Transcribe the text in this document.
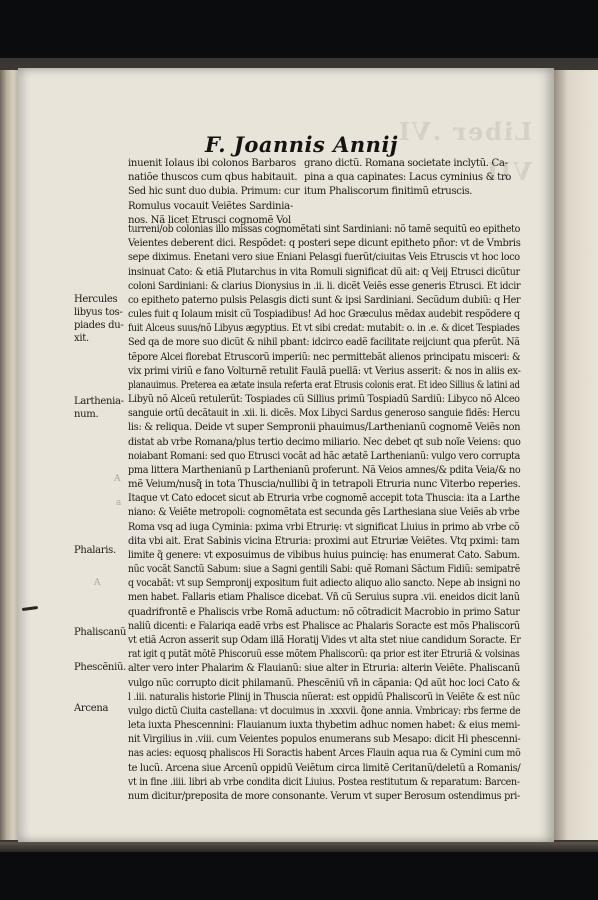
Liber .VI
VII
F. Joannis Annij
inuenit Iolaus ibi colonos Barbaros
natiõe thuscos cum qbus habitauit.
Sed hic sunt duo dubia. Primum: cur
Romulus vocauit Veiẽtes Sardinia-
nos. Nã licet Etrusci cognomẽ Vol
grano dictũ. Romana societate inclytũ. Ca-
pina a qua capinates: Lacus cyminius & tro
itum Phaliscorum finitimũ etruscis.
turreni/ob colonias illo missas cognomẽtati sint Sardiniani: nõ tamẽ sequitũ eo epitheto
Veientes deberent dici. Respõdet: q posteri sepe dicunt epitheto pñor: vt de Vmbris
sepe diximus. Enetani vero siue Eniani Pelasgi fuerũt/ciuitas Veis Etruscis vt hoc loco
insinuat Cato: & etiã Plutarchus in vita Romuli significat dũ ait: q Veij Etrusci dicũtur
coloni Sardiniani: & clarius Dionysius in .ii. li. dicẽt Veiẽs esse generis Etrusci. Et idcir
co epitheto paterno pulsis Pelasgis dicti sunt & ipsi Sardiniani. Secũdum dubiũ: q Her
cules fuit q Iolaum misit cũ Tospiadibus! Ad hoc Græculus mẽdax audebit respõdere q
fuit Alceus suus/nõ Libyus ægyptius. Et vt sibi credat: mutabit: o. in .e. & dicet Tespiades
Sed qa de more suo dicũt & nihil pbant: idcirco eadẽ facilitate reijciunt qua pferũt. Nã
tẽpore Alcei florebat Etruscorũ imperiũ: nec permittebãt alienos principatu misceri: &
vix primi viriũ e fano Volturnẽ retulit Faulã puellã: vt Verius asserit: & nos in aliis ex-
planauimus. Preterea ea ætate insula referta erat Etrusis colonis erat. Et ideo Sillius & latini ad
Libyũ nõ Alceũ retulerũt: Tospiades cũ Sillius primũ Tospiadũ Sardiũ: Libyco nõ Alceo
sanguie ortũ decãtauit in .xii. li. dicẽs. Mox Libyci Sardus generoso sanguie fidẽs: Hercu
lis: & reliqua. Deide vt super Sempronii phauimus/Larthenianũ cognomẽ Veiẽs non
distat ab vrbe Romana/plus tertio decimo miliario. Nec debet qt sub noĩe Veiens: quo
noiabant Romani: sed quo Etrusci vocãt ad hãc ætatẽ Larthenianũ: vulgo vero corrupta
pma littera Marthenianũ p Larthenianũ proferunt. Nã Veios amnes/& pdita Veia/& no
mẽ Veium/nusq̃ in tota Thuscia/nullibi q̃ in tetrapoli Etruria nunc Viterbo reperies.
Itaque vt Cato edocet sicut ab Etruria vrbe cognomẽ accepit tota Thuscia: ita a Larthe
niano: & Veiẽte metropoli: cognomẽtata est secunda gẽs Larthesiana siue Veiẽs ab vrbe
Roma vsq ad iuga Cyminia: pxima vrbi Etrurię: vt significat Liuius in primo ab vrbe cõ
dita vbi ait. Erat Sabinis vicina Etruria: proximi aut Etruriæ Veiẽtes. Vtq pximi: tam
limite q̃ genere: vt exposuimus de vibibus huius puincię: has enumerat Cato. Sabum.
nũc vocãt Sanctũ Sabum: siue a Sagni gentili Sabi: quẽ Romani Sãctum Fidiũ: semipatrẽ
q vocabãt: vt sup Sempronij expositum fuit adiecto aliquo alio sancto. Nepe ab insigni no
men habet. Fallaris etiam Phalisce dicebat. Vñ cũ Seruius supra .vii. eneidos dicit lanũ
quadrifrontẽ e Phaliscis vrbe Romã aductum: nõ cõtradicit Macrobio in primo Satur
naliũ dicenti: e Falariqa eadẽ vrbs est Phalisce ac Phalaris Soracte est mõs Phaliscorũ
vt etiã Acron asserit sup Odam illã Horatij Vides vt alta stet niue candidum Soracte. Er
rat igit q putãt mõtẽ Phiscoruũ esse mõtem Phaliscorũ: qa prior est iter Etruriã & volsinas
alter vero inter Phalarim & Flauianũ: siue alter in Etruria: alterin Veiẽte. Phaliscanũ
vulgo nũc corrupto dicit philamanũ. Phescẽniũ vñ in cãpania: Qd aũt hoc loci Cato &
l .iii. naturalis historie Plinij in Thuscia nũerat: est oppidũ Phaliscorũ in Veiẽte & est nũc
vulgo dictũ Ciuita castellana: vt docuimus in .xxxvii. q̃one annia. Vmbricay: rbs ferme de
leta iuxta Phescennini: Flauianum iuxta thybetim adhuc nomen habet: & eius memi-
nit Virgilius in .viii. cum Veientes populos enumerans sub Mesapo: dicit Hi phescenni-
nas acies: equosq phaliscos Hi Soractis habent Arces Flauin aqua rua & Cymini cum mõ
te lucũ. Arcena siue Arcenũ oppidũ Veiẽtum circa limitẽ Ceritanũ/deletũ a Romanis/
vt in fine .iiii. libri ab vrbe condita dicit Liuius. Postea restitutum & reparatum: Barcen-
num dicitur/preposita de more consonante. Verum vt super Berosum ostendimus pri-
Hercules
libyus tos-
piades du-
xit.
Larthenia-
num.
Phalaris.
Phaliscanũ
Phescẽniũ.
Arcena
A
a
A
